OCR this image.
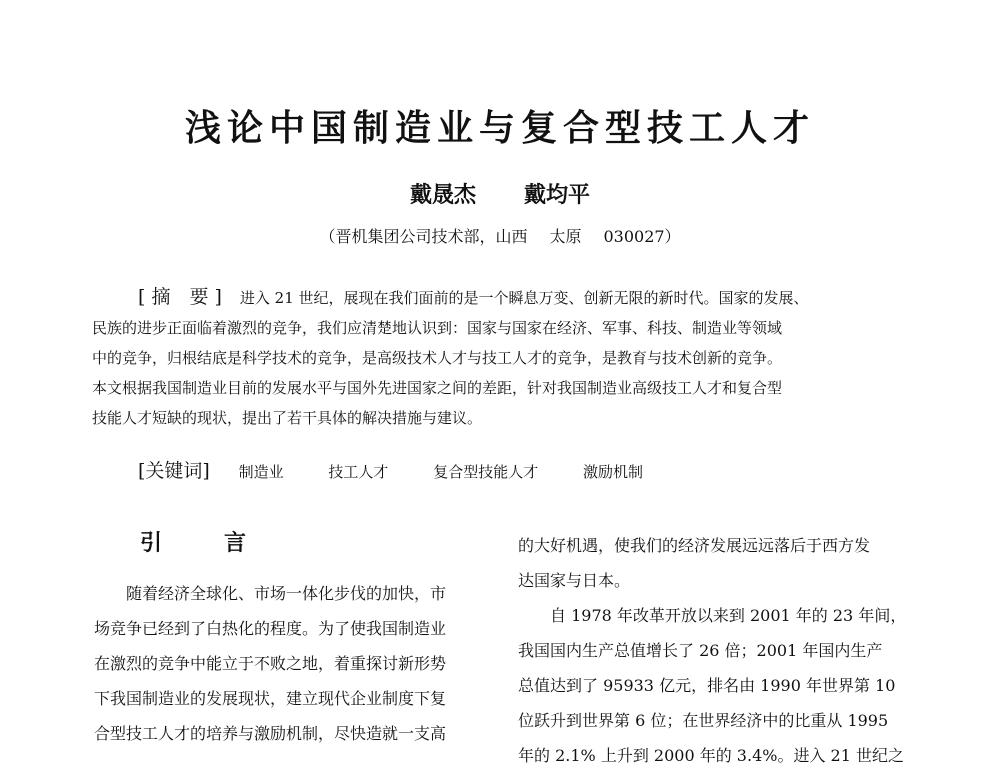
浅论中国制造业与复合型技工人才
戴晟杰 戴均平
（晋机集团公司技术部，山西 太原 030027）
[ 摘　要 ] 进入 21 世纪，展现在我们面前的是一个瞬息万变、创新无限的新时代。国家的发展、
民族的进步正面临着激烈的竞争，我们应清楚地认识到：国家与国家在经济、军事、科技、制造业等领域
中的竞争，归根结底是科学技术的竞争，是高级技术人才与技工人才的竞争，是教育与技术创新的竞争。
本文根据我国制造业目前的发展水平与国外先进国家之间的差距，针对我国制造业高级技工人才和复合型
技能人才短缺的现状，提出了若干具体的解决措施与建议。
[关键词] 制造业	技工人才	复合型技能人才	激励机制
引　言
随着经济全球化、市场一体化步伐的加快，市
场竞争已经到了白热化的程度。为了使我国制造业
在激烈的竞争中能立于不败之地，着重探讨新形势
下我国制造业的发展现状，建立现代企业制度下复
合型技工人才的培养与激励机制，尽快造就一支高
的大好机遇，使我们的经济发展远远落后于西方发
达国家与日本。
自 1978 年改革开放以来到 2001 年的 23 年间，
我国国内生产总值增长了 26 倍；2001 年国内生产
总值达到了 95933 亿元，排名由 1990 年世界第 10
位跃升到世界第 6 位；在世界经济中的比重从 1995
年的 2.1% 上升到 2000 年的 3.4%。进入 21 世纪之
